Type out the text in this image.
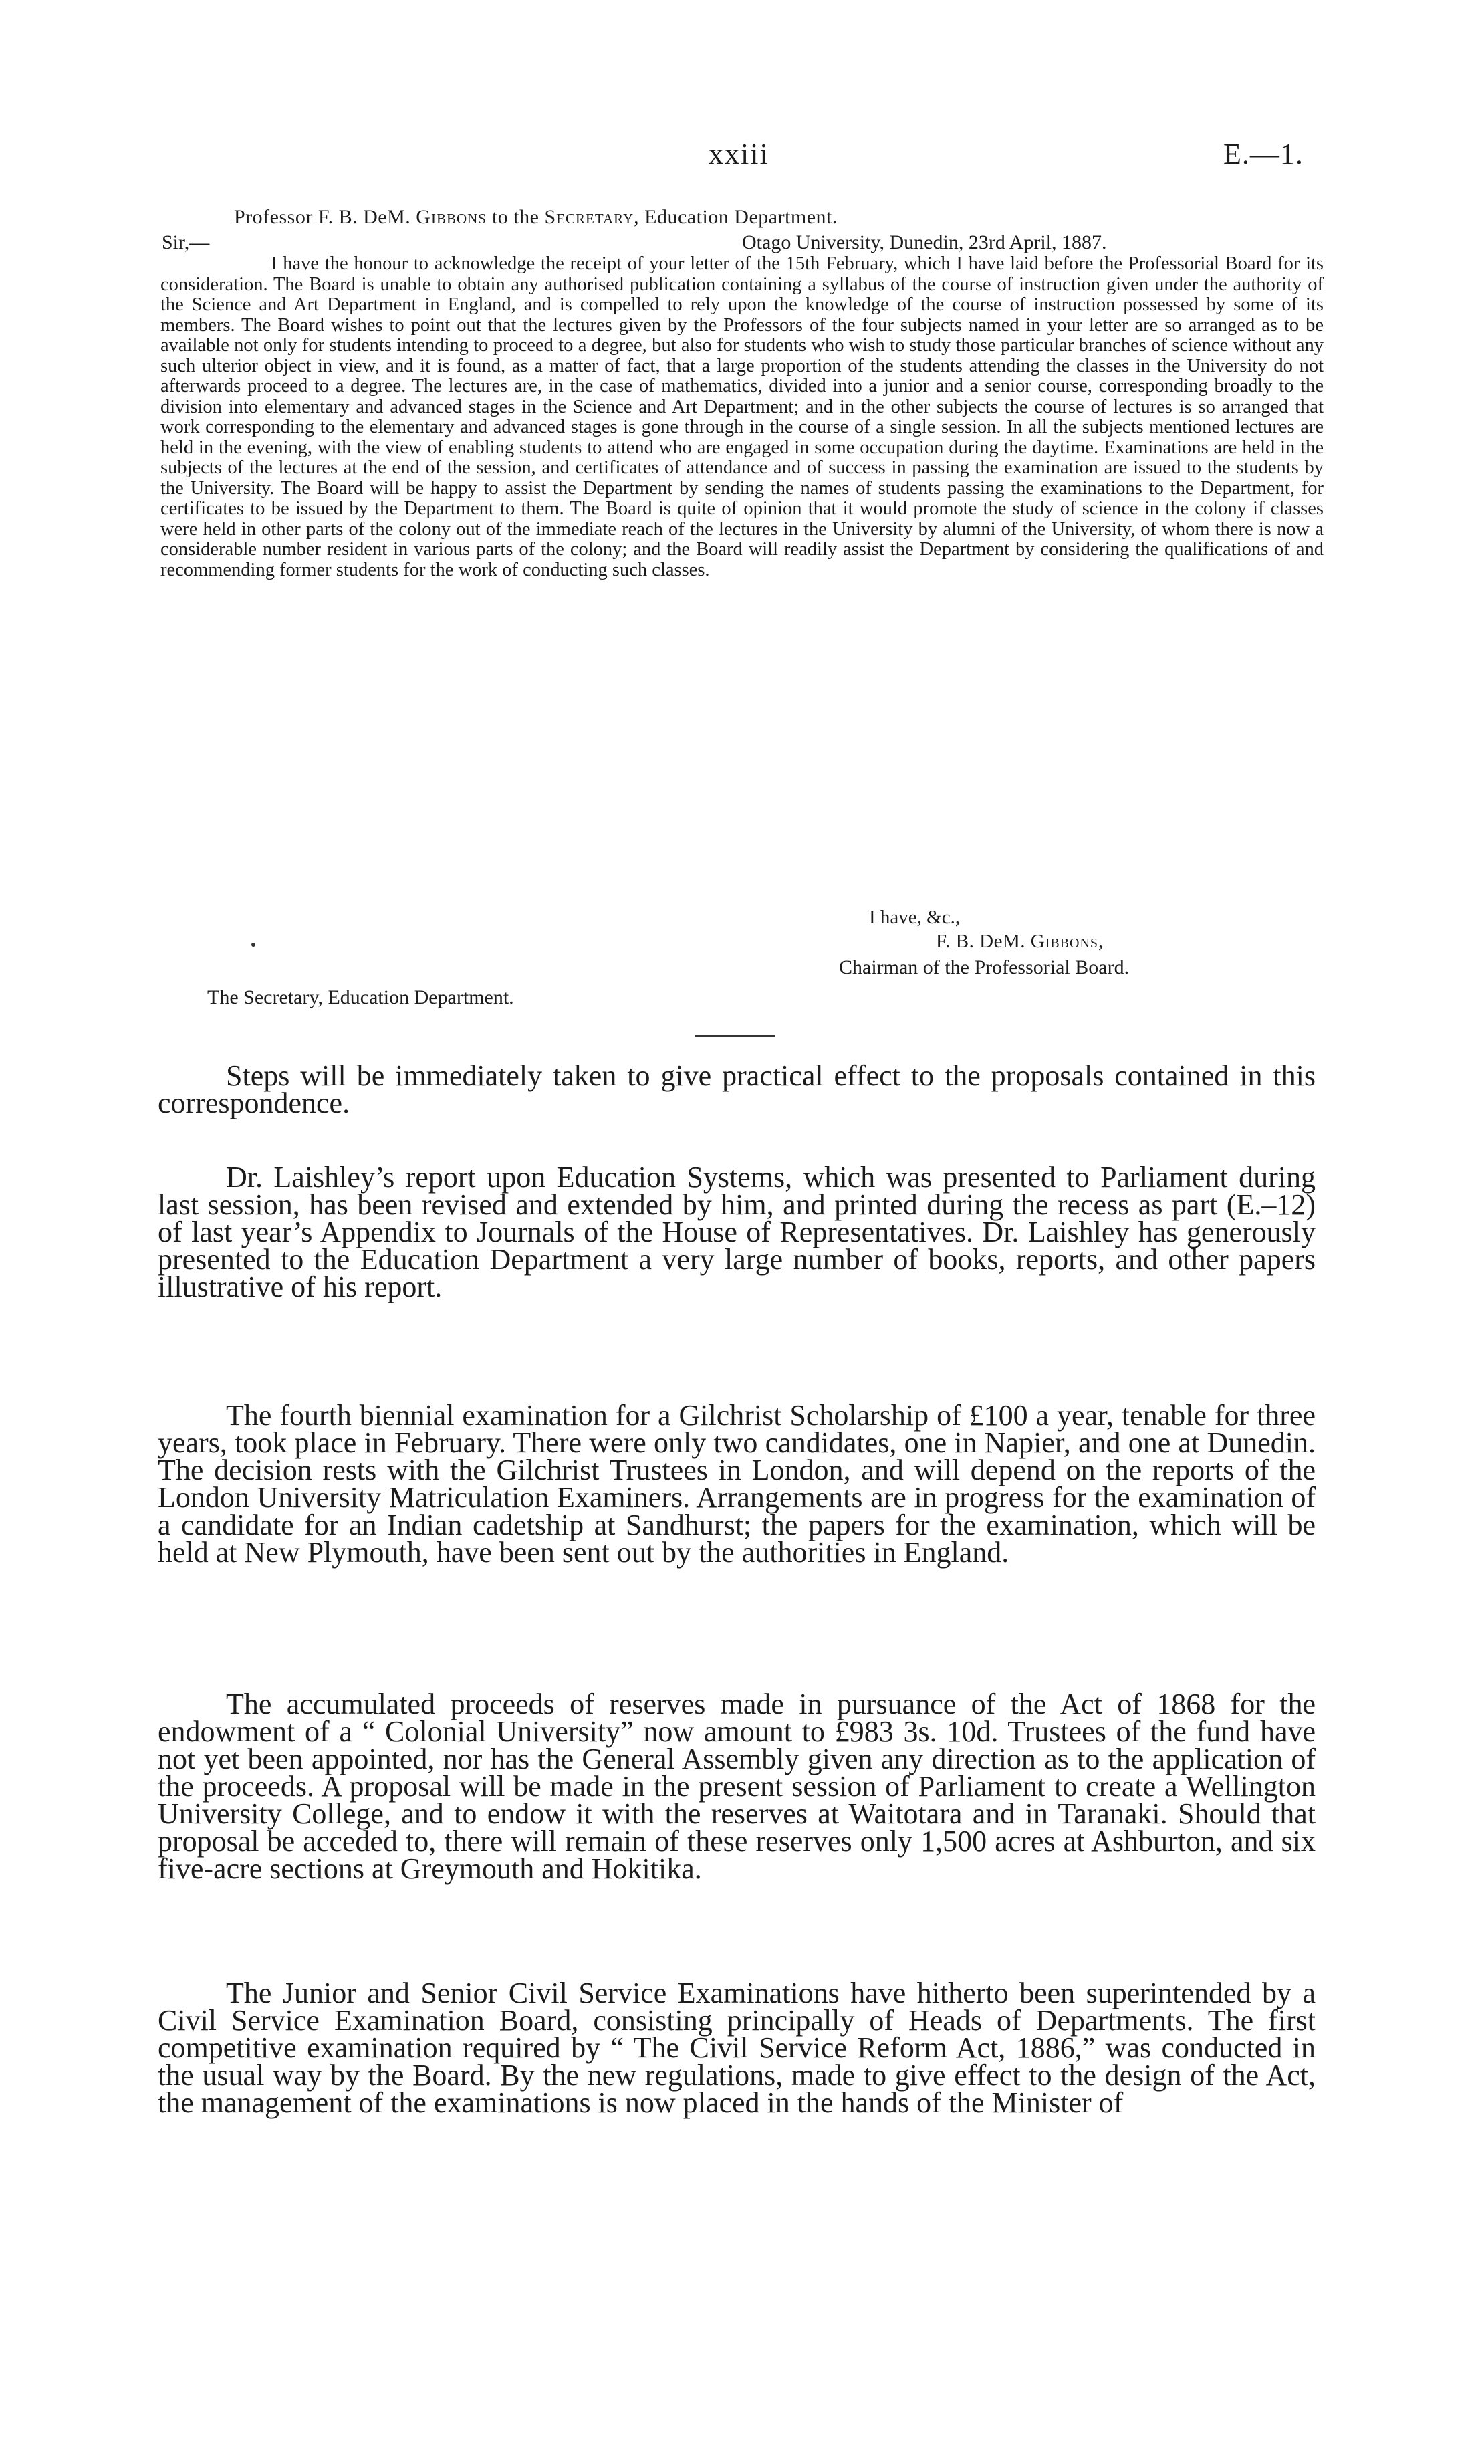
xxiii	E.—1.
Professor F. B. DeM. Gibbons to the Secretary, Education Department.
Sir,—	Otago University, Dunedin, 23rd April, 1887.

I have the honour to acknowledge the receipt of your letter of the 15th February, which I have laid before the Professorial Board for its consideration. The Board is unable to obtain any authorised publication containing a syllabus of the course of instruction given under the authority of the Science and Art Department in England, and is compelled to rely upon the knowledge of the course of instruction possessed by some of its members. The Board wishes to point out that the lectures given by the Professors of the four subjects named in your letter are so arranged as to be available not only for students intending to proceed to a degree, but also for students who wish to study those particular branches of science without any such ulterior object in view, and it is found, as a matter of fact, that a large proportion of the students attending the classes in the University do not afterwards proceed to a degree. The lectures are, in the case of mathematics, divided into a junior and a senior course, corresponding broadly to the division into elementary and advanced stages in the Science and Art Department; and in the other subjects the course of lectures is so arranged that work corresponding to the elementary and advanced stages is gone through in the course of a single session. In all the subjects mentioned lectures are held in the evening, with the view of enabling students to attend who are engaged in some occupation during the daytime. Examinations are held in the subjects of the lectures at the end of the session, and certificates of attendance and of success in passing the examination are issued to the students by the University. The Board will be happy to assist the Department by sending the names of students passing the examinations to the Department, for certificates to be issued by the Department to them. The Board is quite of opinion that it would promote the study of science in the colony if classes were held in other parts of the colony out of the immediate reach of the lectures in the University by alumni of the University, of whom there is now a considerable number resident in various parts of the colony; and the Board will readily assist the Department by considering the qualifications of and recommending former students for the work of conducting such classes.

I have, &c.,
F. B. DeM. Gibbons,
Chairman of the Professorial Board.
The Secretary, Education Department.

Steps will be immediately taken to give practical effect to the proposals contained in this correspondence.

Dr. Laishley’s report upon Education Systems, which was presented to Parliament during last session, has been revised and extended by him, and printed during the recess as part (E.–12) of last year’s Appendix to Journals of the House of Representatives. Dr. Laishley has generously presented to the Education Department a very large number of books, reports, and other papers illustrative of his report.

The fourth biennial examination for a Gilchrist Scholarship of £100 a year, tenable for three years, took place in February. There were only two candidates, one in Napier, and one at Dunedin. The decision rests with the Gilchrist Trustees in London, and will depend on the reports of the London University Matriculation Examiners. Arrangements are in progress for the examination of a candidate for an Indian cadetship at Sandhurst; the papers for the examination, which will be held at New Plymouth, have been sent out by the authorities in England.

The accumulated proceeds of reserves made in pursuance of the Act of 1868 for the endowment of a “ Colonial University” now amount to £983 3s. 10d. Trustees of the fund have not yet been appointed, nor has the General Assembly given any direction as to the application of the proceeds. A proposal will be made in the present session of Parliament to create a Wellington University College, and to endow it with the reserves at Waitotara and in Taranaki. Should that proposal be acceded to, there will remain of these reserves only 1,500 acres at Ashburton, and six five-acre sections at Greymouth and Hokitika.

The Junior and Senior Civil Service Examinations have hitherto been superintended by a Civil Service Examination Board, consisting principally of Heads of Departments. The first competitive examination required by “ The Civil Service Reform Act, 1886,” was conducted in the usual way by the Board. By the new regulations, made to give effect to the design of the Act, the management of the examinations is now placed in the hands of the Minister of
